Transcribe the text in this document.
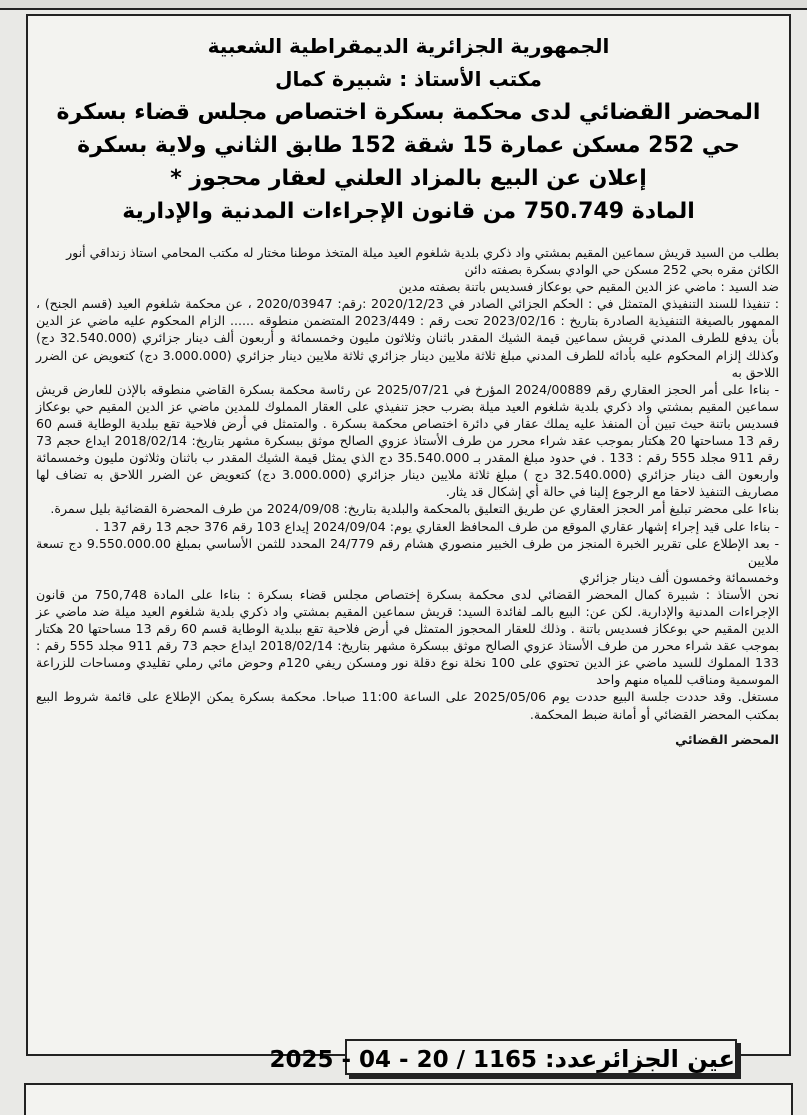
الجمهورية الجزائرية الديمقراطية الشعبية
مكتب الأستاذ : شبيرة كمال
المحضر القضائي لدى محكمة بسكرة اختصاص مجلس قضاء بسكرة
حي 252 مسكن عمارة 15 شقة 152 طابق الثاني ولاية بسكرة
إعلان عن البيع بالمزاد العلني لعقار محجوز *
المادة 750.749 من قانون الإجراءات المدنية والإدارية

بطلب من السيد قريش سماعين المقيم بمشتي واد ذكري بلدية شلغوم العيد ميلة المتخذ موطنا مختار له مكتب المحامي استاذ زنداقي أنور

الكائن مقره بحي 252 مسكن حي الوادي بسكرة بصفته دائن

ضد السيد : ماضي عز الدين المقيم حي بوعكاز فسديس باتنة بصفته مدين

: تنفيذا للسند التنفيذي المتمثل في : الحكم الجزائي الصادر في 2020/12/23 :رقم: 2020/03947 ، عن محكمة شلغوم العيد (قسم الجنح) ، الممهور بالصيغة التنفيذية الصادرة بتاريخ : 2023/02/16 تحت رقم : 2023/449 المتضمن منطوقه ...... الزام المحكوم عليه ماضي عز الدين بأن يدفع للطرف المدني قريش سماعين قيمة الشيك المقدر باثنان وثلاثون مليون وخمسمائة و أربعون ألف دينار جزائري (32.540.000 دج) وكذلك إلزام المحكوم عليه بأدائه للطرف المدني مبلغ ثلاثة ملايين دينار جزائري ثلاثة ملايين دينار جزائري (3.000.000 دج) كتعويض عن الضرر اللاحق به

- بناءا على أمر الحجز العقاري رقم 2024/00889 المؤرخ في 2025/07/21 عن رئاسة محكمة بسكرة القاضي منطوقه بالإذن للعارض قريش سماعين المقيم بمشتي واد ذكري بلدية شلغوم العيد ميلة بضرب حجز تنفيذي على العقار المملوك للمدين ماضي عز الدين المقيم حي بوعكاز فسديس باتنة حيث تبين أن المنفذ عليه يملك عقار في دائرة اختصاص محكمة بسكرة . والمتمثل في أرض فلاحية تقع ببلدية الوطاية قسم 60 رقم 13 مساحتها 20 هكتار بموجب عقد شراء محرر من طرف الأستاذ عزوي الصالح موثق ببسكرة مشهر بتاريخ: 2018/02/14 ايداع حجم 73 رقم 911 مجلد 555 رقم : 133 . في حدود مبلغ المقدر بـ 35.540.000 دج الذي يمثل قيمة الشيك المقدر ب باثنان وثلاثون مليون وخمسمائة واربعون الف دينار جزائري (32.540.000 دج ) مبلغ ثلاثة ملايين دينار جزائري (3.000.000 دج) كتعويض عن الضرر اللاحق به تضاف لها مصاريف التنفيذ لاحقا مع الرجوع إلينا في حالة أي إشكال قد يثار.

بناءا على محضر تبليغ أمر الحجز العقاري عن طريق التعليق بالمحكمة والبلدية بتاريخ: 2024/09/08 من طرف المحضرة القضائية بليل سمرة.

- بناءا على قيد إجراء إشهار عقاري الموقع من طرف المحافظ العقاري يوم: 2024/09/04 إيداع 103 رقم 376 حجم 13 رقم 137 .

- بعد الإطلاع على تقرير الخبرة المنجز من طرف الخبير منصوري هشام رقم 24/779 المحدد للثمن الأساسي بمبلغ 9.550.000.00 دج تسعة ملايين

وخمسمائة وخمسون ألف دينار جزائري

نحن الأستاذ : شبيرة كمال المحضر القضائي لدى محكمة بسكرة إختصاص مجلس قضاء بسكرة : بناءا على المادة 750,748 من قانون الإجراءات المدنية والإدارية. لكن عن: البيع بالمـ لفائدة السيد: قريش سماعين المقيم بمشتي واد ذكري بلدية شلغوم العيد ميلة ضد ماضي عز الدين المقيم حي بوعكاز فسديس باتنة . وذلك للعقار المحجوز المتمثل في أرض فلاحية تقع ببلدية الوطاية قسم 60 رقم 13 مساحتها 20 هكتار بموجب عقد شراء محرر من طرف الأستاذ عزوي الصالح موثق ببسكرة مشهر بتاريخ: 2018/02/14 ايداع حجم 73 رقم 911 مجلد 555 رقم : 133 المملوك للسيد ماضي عز الدين تحتوي على 100 نخلة نوع دقلة نور ومسكن ريفي 120م وحوض مائي رملي تقليدي ومساحات للزراعة الموسمية ومناقب للمياه منهم واحد

مستغل. وقد حددت جلسة البيع حددت يوم 2025/05/06 على الساعة 11:00 صباحا. محكمة بسكرة يمكن الإطلاع على قائمة شروط البيع بمكتب المحضر القضائي أو أمانة ضبط المحكمة.

المحضر القضائي
عين الجزائرعدد:2025 - 04 - 20 / 1165
